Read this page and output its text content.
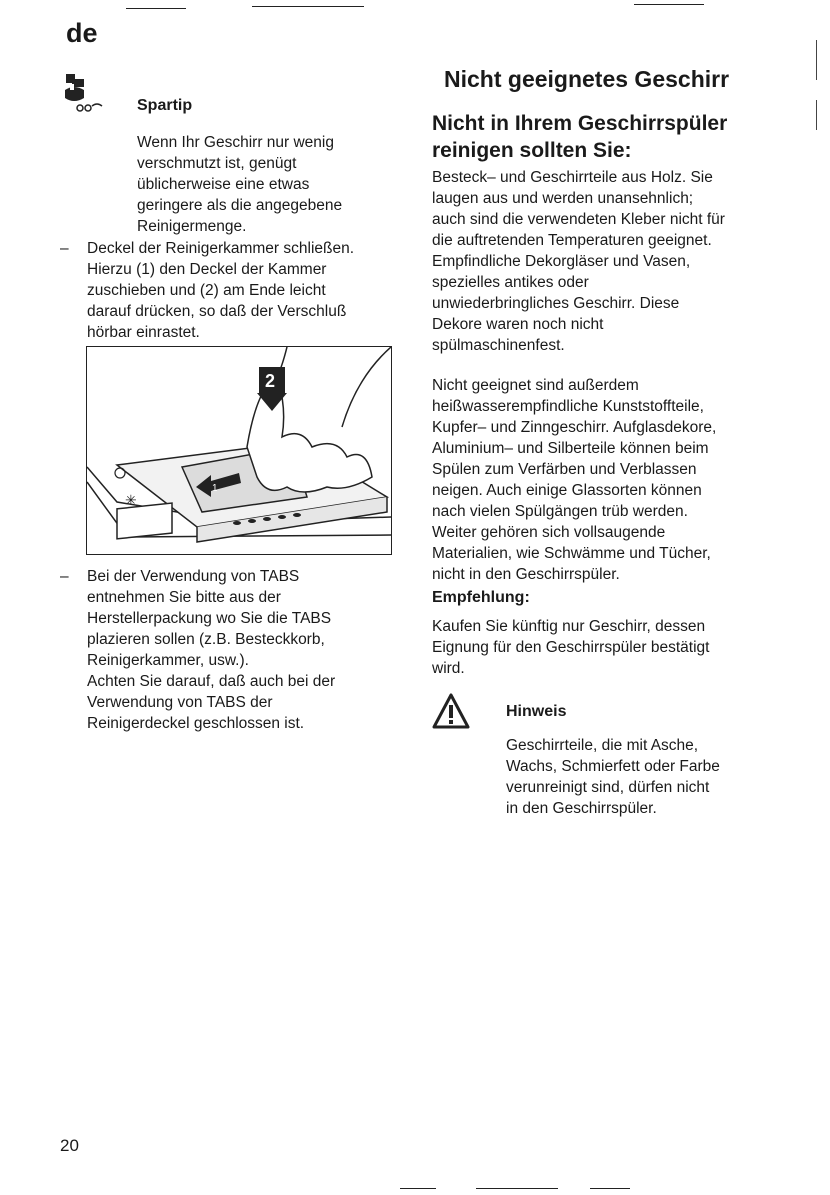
de
Spartip

Wenn Ihr Geschirr nur wenig

verschmutzt ist, genügt

üblicherweise eine etwas

geringere als die angegebene

Reinigermenge.

–	Deckel der Reinigerkammer schließen.

Hierzu (1) den Deckel der Kammer

zuschieben und (2) am Ende leicht

darauf drücken, so daß der Verschluß

hörbar einrastet.

✳
1
2
–	Bei der Verwendung von TABS

entnehmen Sie bitte aus der

Herstellerpackung wo Sie die TABS

plazieren sollen (z.B. Besteckkorb,

Reinigerkammer, usw.).

Achten Sie darauf, daß auch bei der

Verwendung von TABS der

Reinigerdeckel geschlossen ist.

Nicht geeignetes Geschirr

Nicht in Ihrem Geschirrspüler

reinigen sollten Sie:

Besteck– und Geschirrteile aus Holz. Sie

laugen aus und werden unansehnlich;

auch sind die verwendeten Kleber nicht für

die auftretenden Temperaturen geeignet.

Empfindliche Dekorgläser und Vasen,

spezielles antikes oder

unwiederbringliches Geschirr. Diese

Dekore waren noch nicht

spülmaschinenfest.

Nicht geeignet sind außerdem

heißwasserempfindliche Kunststoffteile,

Kupfer– und Zinngeschirr. Aufglasdekore,

Aluminium– und Silberteile können beim

Spülen zum Verfärben und Verblassen

neigen. Auch einige Glassorten können

nach vielen Spülgängen trüb werden.

Weiter gehören sich vollsaugende

Materialien, wie Schwämme und Tücher,

nicht in den Geschirrspüler.

Empfehlung:

Kaufen Sie künftig nur Geschirr, dessen

Eignung für den Geschirrspüler bestätigt

wird.

Hinweis

Geschirrteile, die mit Asche,

Wachs, Schmierfett oder Farbe

verunreinigt sind, dürfen nicht

in den Geschirrspüler.

20
